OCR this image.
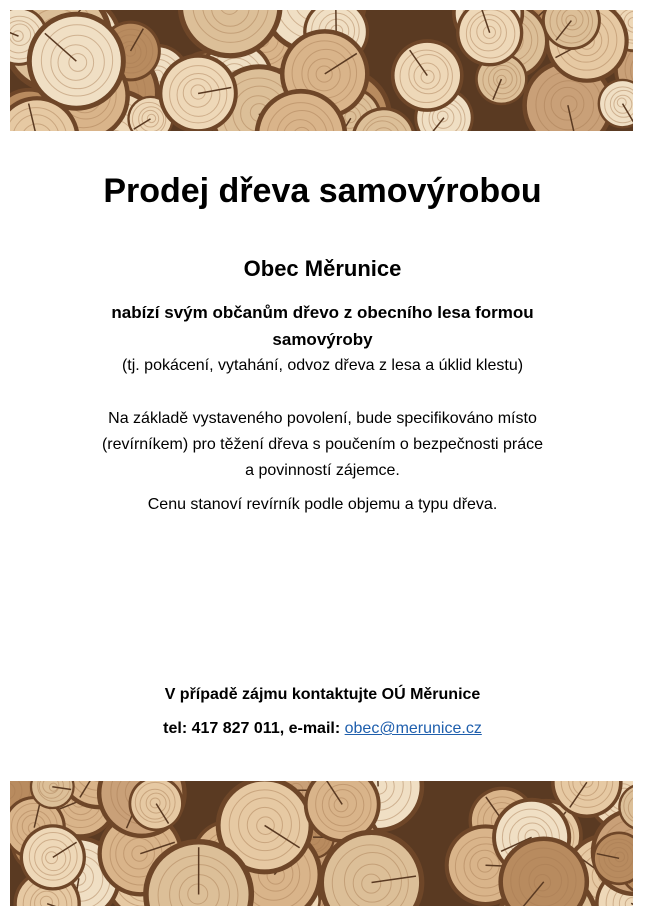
Prodej dřeva samovýrobou
Obec Měrunice
nabízí svým občanům dřevo z obecního lesa formou
samovýroby
(tj. pokácení, vytahání, odvoz dřeva z lesa a úklid klestu)
Na základě vystaveného povolení, bude specifikováno místo
(revírníkem) pro těžení dřeva s poučením o bezpečnosti práce
a povinností zájemce.
Cenu stanoví revírník podle objemu a typu dřeva.
V případě zájmu kontaktujte OÚ Měrunice
tel: 417 827 011, e-mail: obec@merunice.cz
